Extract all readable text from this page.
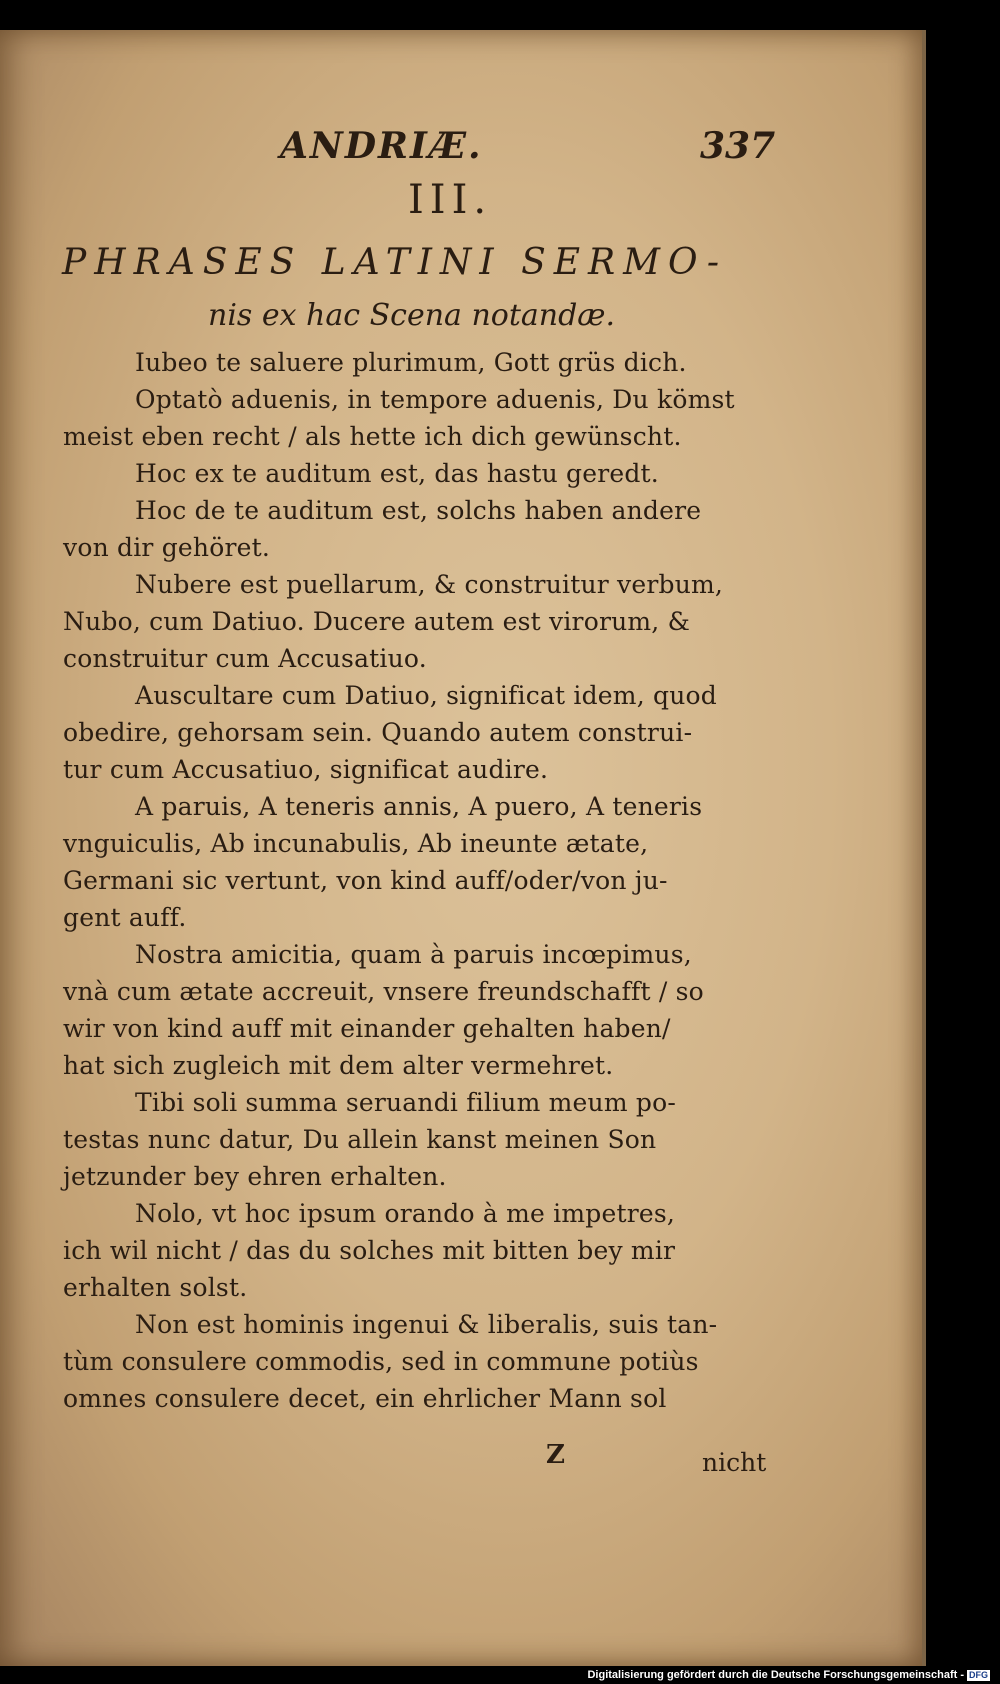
ANDRIÆ.	337
III.
PHRASES LATINI SERMO-
nis ex hac Scena notandæ.
Iubeo te saluere plurimum, Gott grüs dich.
Optatò aduenis, in tempore aduenis, Du kömst
meist eben recht / als hette ich dich gewünscht.
Hoc ex te auditum est, das hastu geredt.
Hoc de te auditum est, solchs haben andere
von dir gehöret.
Nubere est puellarum, & construitur verbum,
Nubo, cum Datiuo. Ducere autem est virorum, &
construitur cum Accusatiuo.
Auscultare cum Datiuo, significat idem, quod
obedire, gehorsam sein. Quando autem construi-
tur cum Accusatiuo, significat audire.
A paruis, A teneris annis, A puero, A teneris
vnguiculis, Ab incunabulis, Ab ineunte ætate,
Germani sic vertunt, von kind auff/oder/von ju-
gent auff.
Nostra amicitia, quam à paruis incœpimus,
vnà cum ætate accreuit, vnsere freundschafft / so
wir von kind auff mit einander gehalten haben/
hat sich zugleich mit dem alter vermehret.
Tibi soli summa seruandi filium meum po-
testas nunc datur, Du allein kanst meinen Son
jetzunder bey ehren erhalten.
Nolo, vt hoc ipsum orando à me impetres,
ich wil nicht / das du solches mit bitten bey mir
erhalten solst.
Non est hominis ingenui & liberalis, suis tan-
tùm consulere commodis, sed in commune potiùs
omnes consulere decet, ein ehrlicher Mann sol
Z	nicht
Digitalisierung gefördert durch die Deutsche Forschungsgemeinschaft - DFG
